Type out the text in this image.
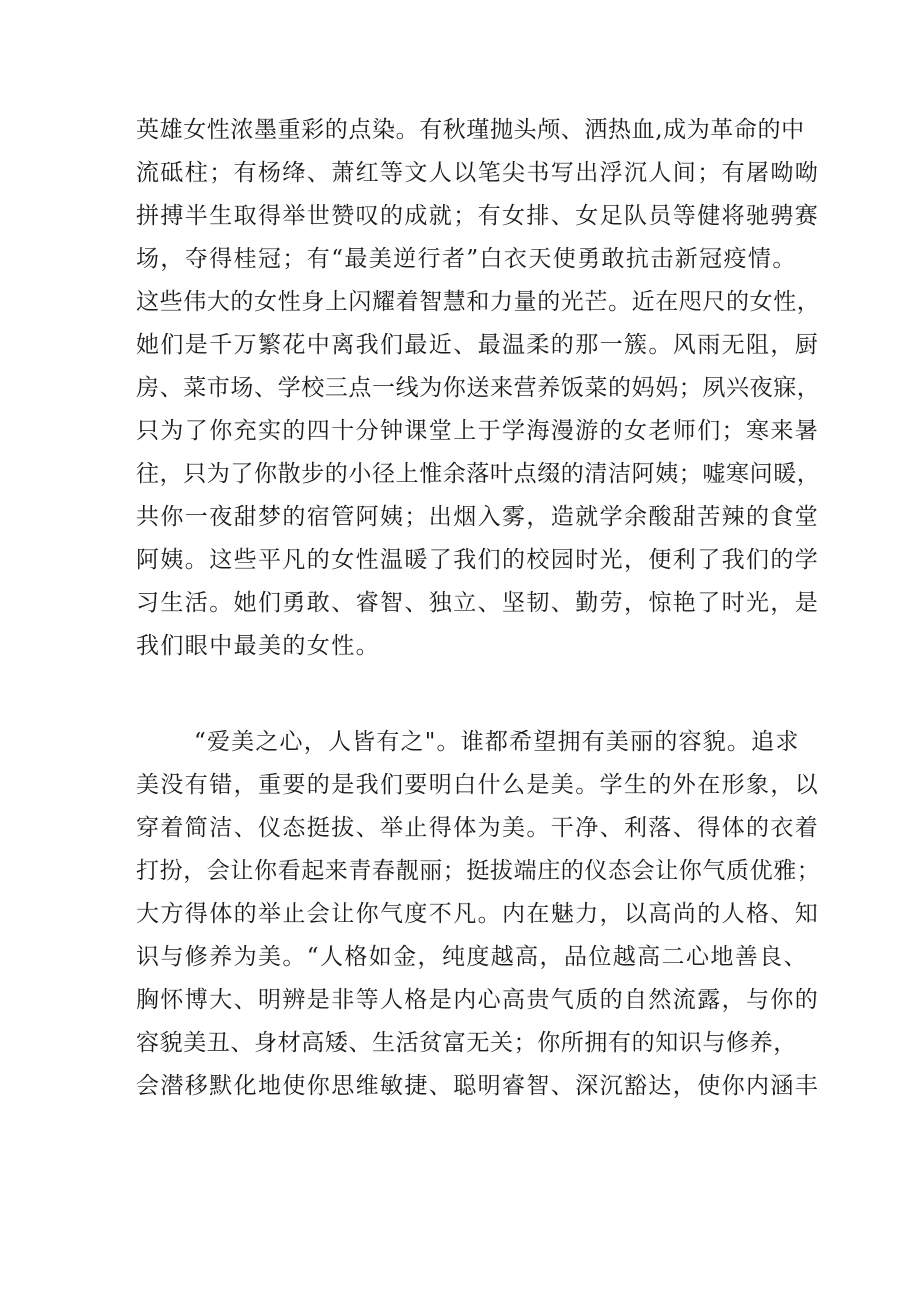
英雄女性浓墨重彩的点染。有秋瑾抛头颅、洒热血,成为革命的中
流砥柱；有杨绛、萧红等文人以笔尖书写出浮沉人间；有屠呦呦
拼搏半生取得举世赞叹的成就；有女排、女足队员等健将驰骋赛
场，夺得桂冠；有“最美逆行者”白衣天使勇敢抗击新冠疫情。
这些伟大的女性身上闪耀着智慧和力量的光芒。近在咫尺的女性，
她们是千万繁花中离我们最近、最温柔的那一簇。风雨无阻，厨
房、菜市场、学校三点一线为你送来营养饭菜的妈妈；夙兴夜寐，
只为了你充实的四十分钟课堂上于学海漫游的女老师们；寒来暑
往，只为了你散步的小径上惟余落叶点缀的清洁阿姨；嘘寒问暖，
共你一夜甜梦的宿管阿姨；出烟入雾，造就学余酸甜苦辣的食堂
阿姨。这些平凡的女性温暖了我们的校园时光，便利了我们的学
习生活。她们勇敢、睿智、独立、坚韧、勤劳，惊艳了时光，是
我们眼中最美的女性。
“爱美之心，人皆有之"。谁都希望拥有美丽的容貌。追求
美没有错，重要的是我们要明白什么是美。学生的外在形象，以
穿着简洁、仪态挺拔、举止得体为美。干净、利落、得体的衣着
打扮，会让你看起来青春靓丽；挺拔端庄的仪态会让你气质优雅；
大方得体的举止会让你气度不凡。内在魅力，以高尚的人格、知
识与修养为美。“人格如金，纯度越高，品位越高二心地善良、
胸怀博大、明辨是非等人格是内心高贵气质的自然流露，与你的
容貌美丑、身材高矮、生活贫富无关；你所拥有的知识与修养，
会潜移默化地使你思维敏捷、聪明睿智、深沉豁达，使你内涵丰
